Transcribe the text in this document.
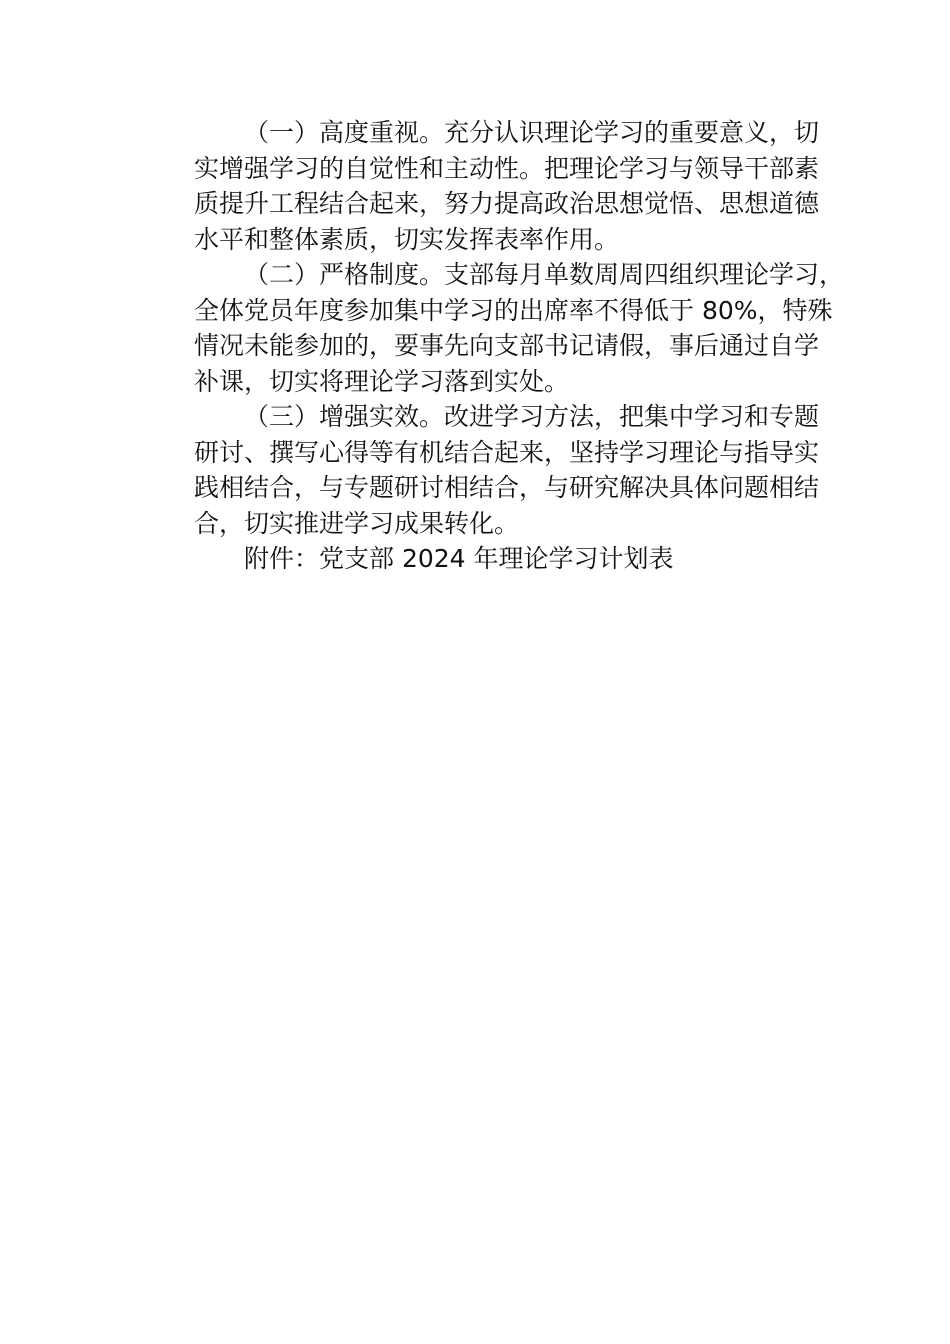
（一）高度重视。充分认识理论学习的重要意义，切
实增强学习的自觉性和主动性。把理论学习与领导干部素
质提升工程结合起来，努力提高政治思想觉悟、思想道德
水平和整体素质，切实发挥表率作用。
（二）严格制度。支部每月单数周周四组织理论学习，
全体党员年度参加集中学习的出席率不得低于 80%，特殊
情况未能参加的，要事先向支部书记请假，事后通过自学
补课，切实将理论学习落到实处。
（三）增强实效。改进学习方法，把集中学习和专题
研讨、撰写心得等有机结合起来，坚持学习理论与指导实
践相结合，与专题研讨相结合，与研究解决具体问题相结
合，切实推进学习成果转化。
附件：党支部 2024 年理论学习计划表
